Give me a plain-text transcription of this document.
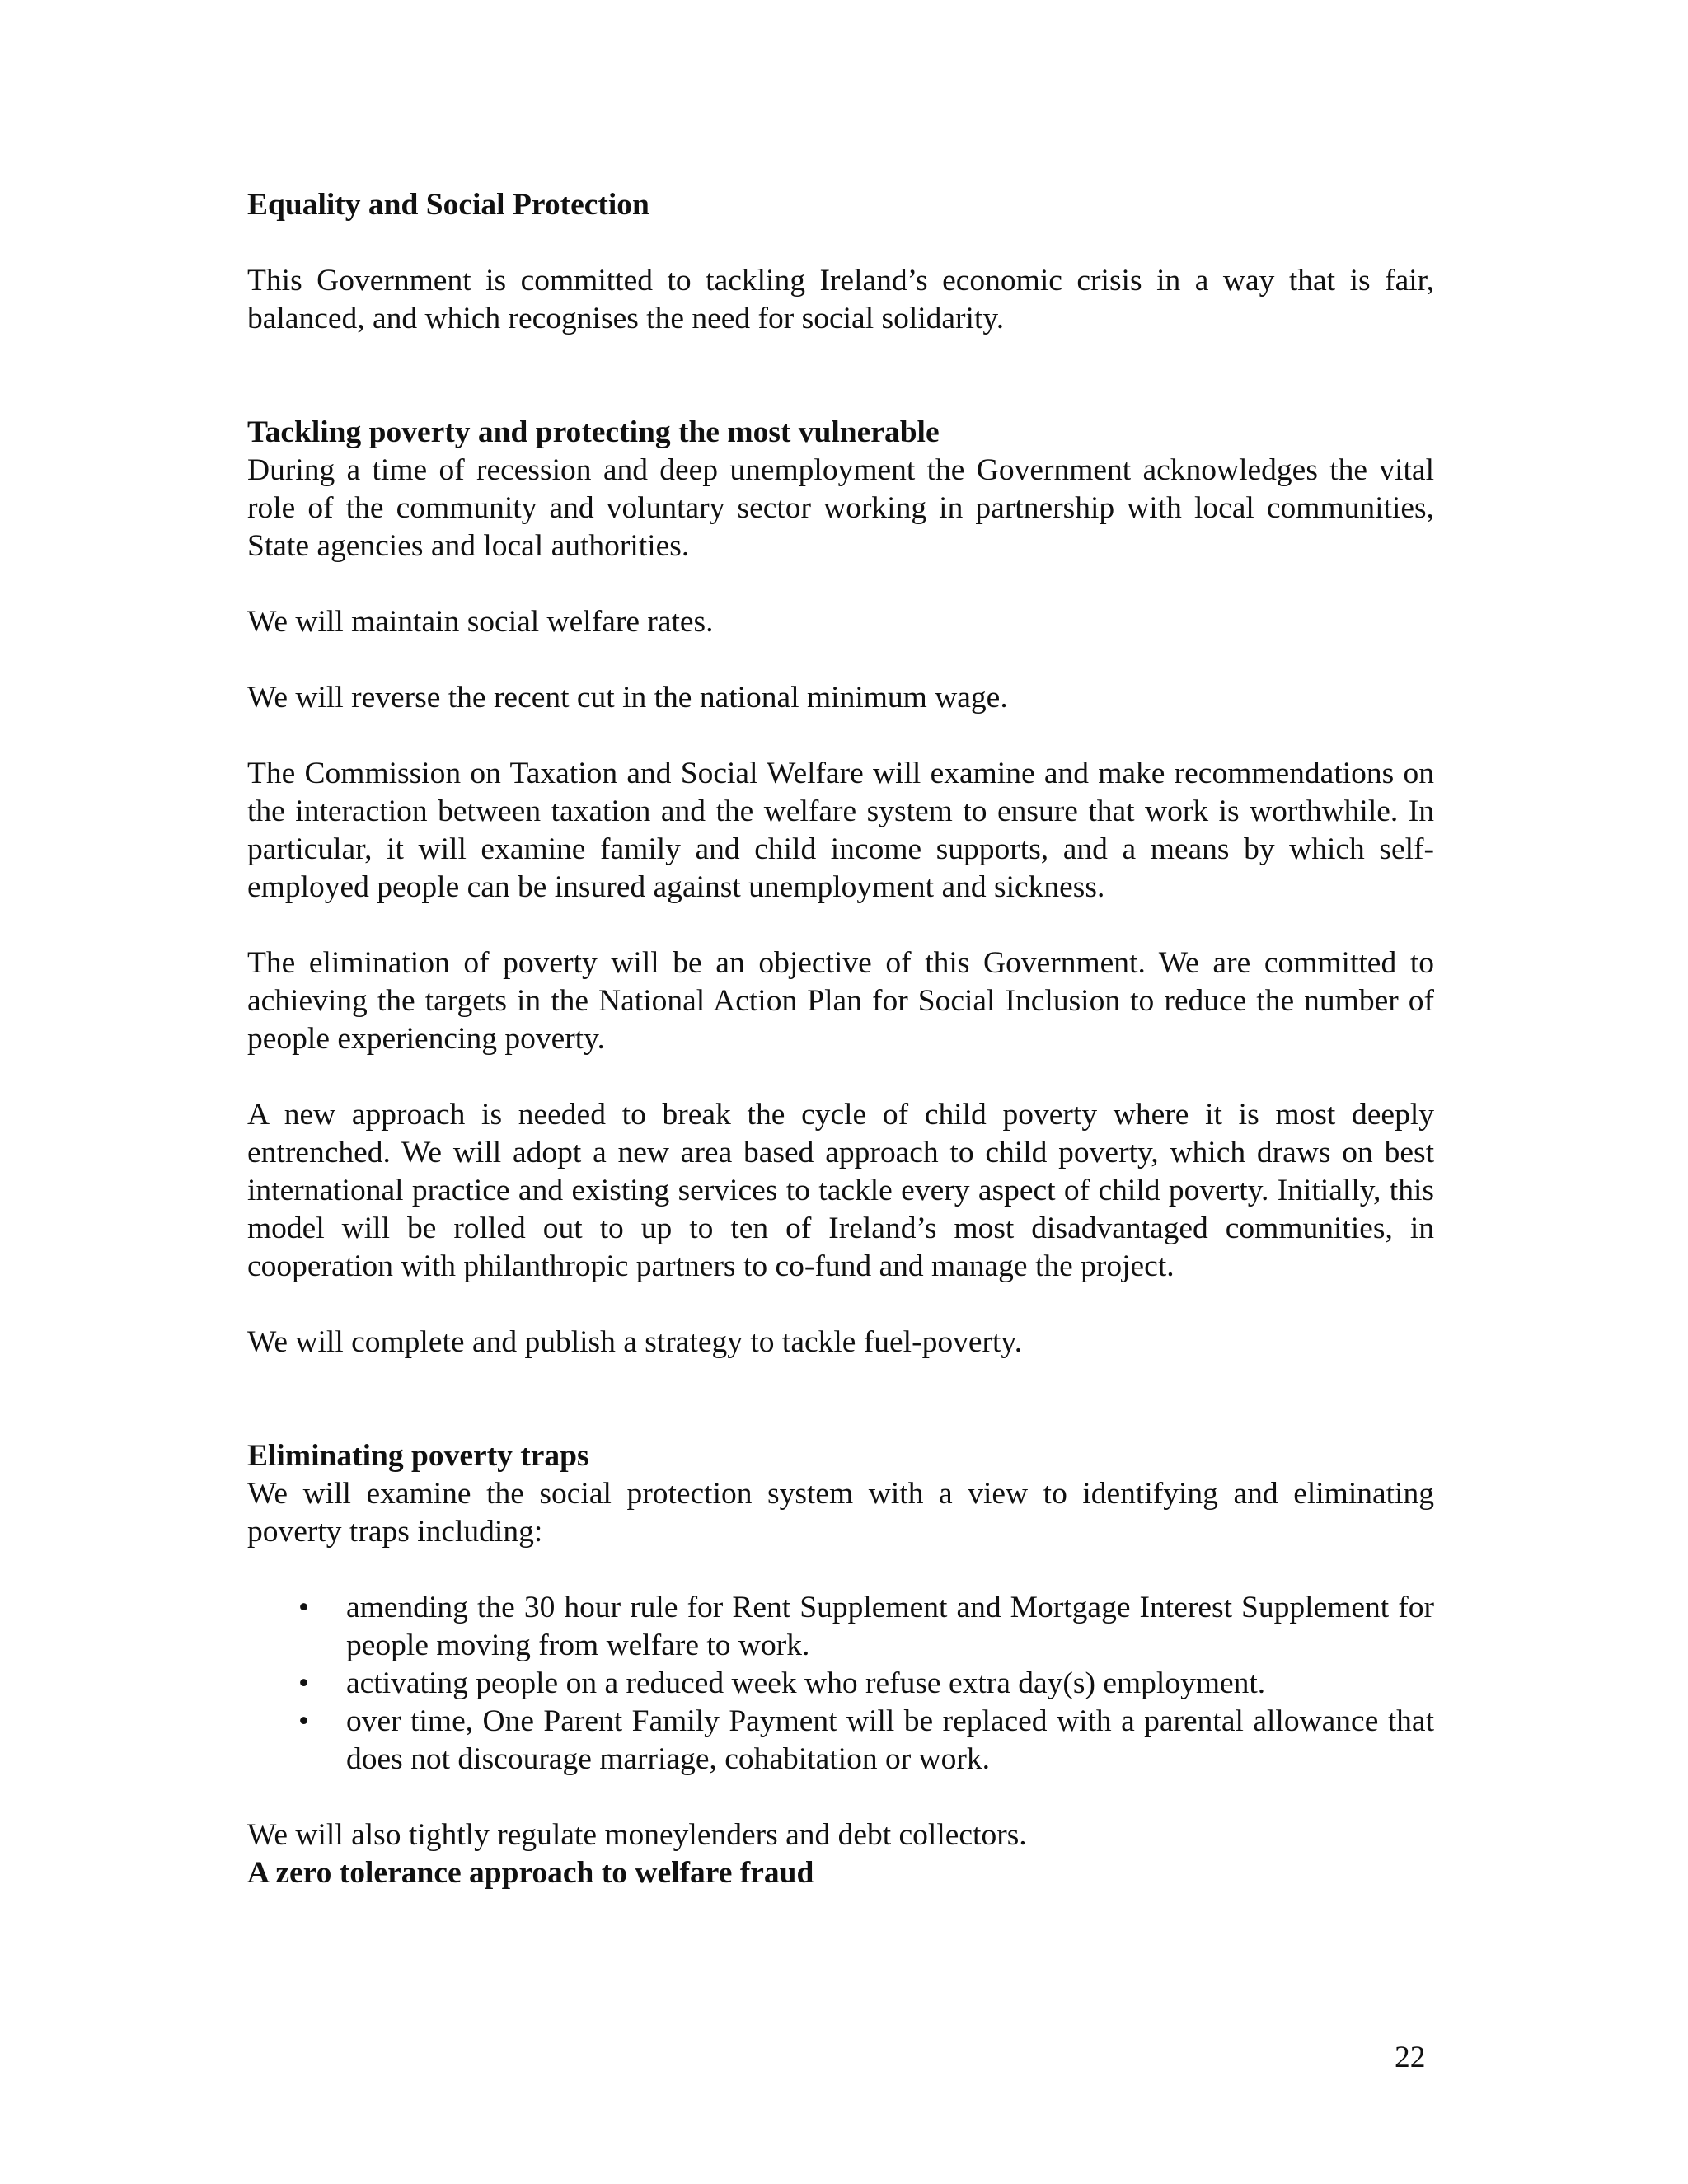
Equality and Social Protection

This Government is committed to tackling Ireland’s economic crisis in a way that is fair, balanced, and which recognises the need for social solidarity.

Tackling poverty and protecting the most vulnerable

During a time of recession and deep unemployment the Government acknowledges the vital role of the community and voluntary sector working in partnership with local communities, State agencies and local authorities.

We will maintain social welfare rates.

We will reverse the recent cut in the national minimum wage.

The Commission on Taxation and Social Welfare will examine and make recommendations on the interaction between taxation and the welfare system to ensure that work is worthwhile. In particular, it will examine family and child income supports, and a means by which self-employed people can be insured against unemployment and sickness.

The elimination of poverty will be an objective of this Government. We are committed to achieving the targets in the National Action Plan for Social Inclusion to reduce the number of people experiencing poverty.

A new approach is needed to break the cycle of child poverty where it is most deeply entrenched. We will adopt a new area based approach to child poverty, which draws on best international practice and existing services to tackle every aspect of child poverty. Initially, this model will be rolled out to up to ten of Ireland’s most disadvantaged communities, in cooperation with philanthropic partners to co-fund and manage the project.

We will complete and publish a strategy to tackle fuel-poverty.

Eliminating poverty traps

We will examine the social protection system with a view to identifying and eliminating poverty traps including:

• amending the 30 hour rule for Rent Supplement and Mortgage Interest Supplement for people moving from welfare to work.
• activating people on a reduced week who refuse extra day(s) employment.
• over time, One Parent Family Payment will be replaced with a parental allowance that does not discourage marriage, cohabitation or work.

We will also tightly regulate moneylenders and debt collectors.

A zero tolerance approach to welfare fraud
22
